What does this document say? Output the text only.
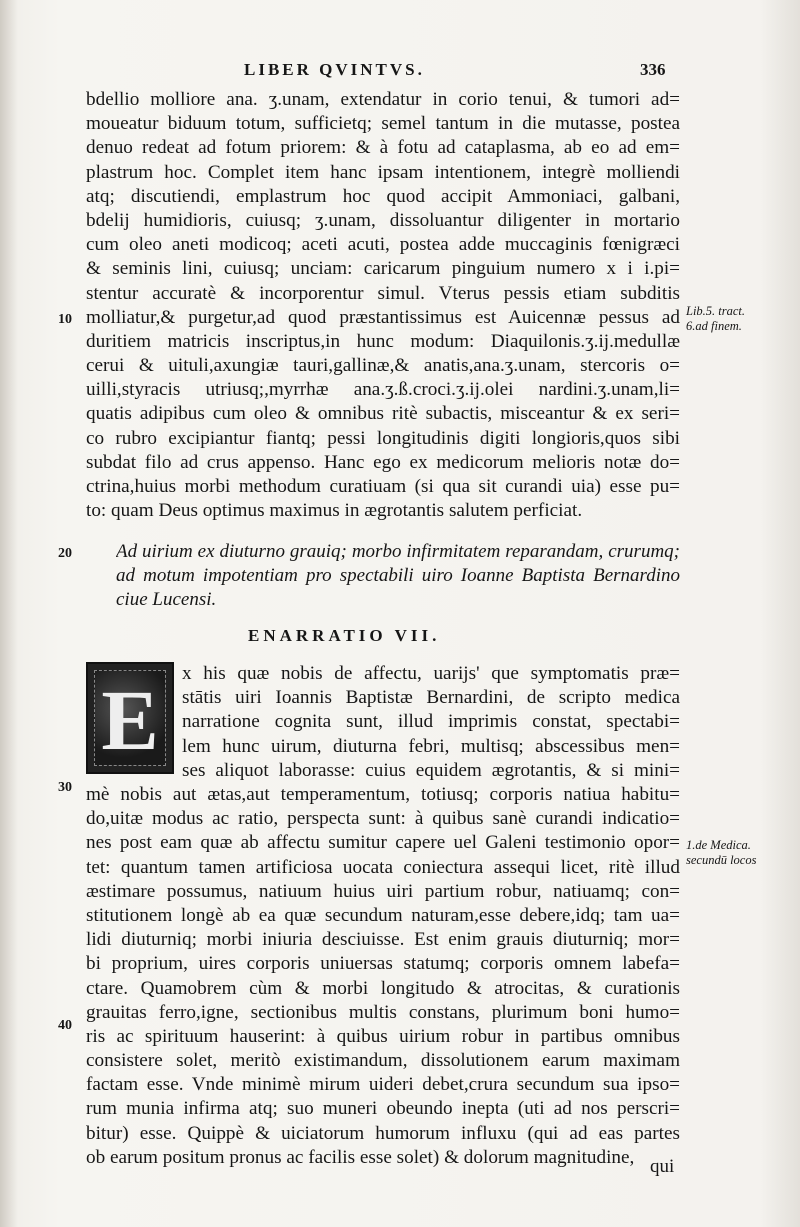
LIBER QVINTVS.	336
bdellio molliore ana. ʒ.unam, extendatur in corio tenui, & tumori ad=
moueatur biduum totum, sufficietq; semel tantum in die mutasse, postea
denuo redeat ad fotum priorem: & à fotu ad cataplasma, ab eo ad em=
plastrum hoc. Complet item hanc ipsam intentionem, integrè molliendi
atq; discutiendi, emplastrum hoc quod accipit Ammoniaci, galbani,
bdelij humidioris, cuiusq; ʒ.unam, dissoluantur diligenter in mortario
cum oleo aneti modicoq; aceti acuti, postea adde muccaginis fœnigræci
& seminis lini, cuiusq; unciam: caricarum pinguium numero x i i.pi=
stentur accuratè & incorporentur simul. Vterus pessis etiam subditis
molliatur,& purgetur,ad quod præstantissimus est Auicennæ pessus ad
duritiem matricis inscriptus,in hunc modum: Diaquilonis.ʒ.ij.medullæ
cerui & uituli,axungiæ tauri,gallinæ,& anatis,ana.ʒ.unam, stercoris o=
uilli,styracis utriusq;,myrrhæ ana.ʒ.ß.croci.ʒ.ij.olei nardini.ʒ.unam,li=
quatis adipibus cum oleo & omnibus ritè subactis, misceantur & ex seri=
co rubro excipiantur fiantq; pessi longitudinis digiti longioris,quos sibi
subdat filo ad crus appenso. Hanc ego ex medicorum melioris notæ do=
ctrina,huius morbi methodum curatiuam (si qua sit curandi uia) esse pu=
to: quam Deus optimus maximus in ægrotantis salutem perficiat.
10
20
30
40
Lib.5. tract.
6.ad finem.
Ad uirium ex diuturno grauiq; morbo infirmitatem reparandam, crurumq;
ad motum impotentiam pro spectabili uiro Ioanne Baptista Bernardino
ciue Lucensi.
ENARRATIO VII.
E	x his quæ nobis de affectu, uarijs' que symptomatis præ=
stātis uiri Ioannis Baptistæ Bernardini, de scripto medica
narratione cognita sunt, illud imprimis constat, spectabi=
lem hunc uirum, diuturna febri, multisq; abscessibus men=
ses aliquot laborasse: cuius equidem ægrotantis, & si mini=
mè nobis aut ætas,aut temperamentum, totiusq; corporis natiua habitu=
do,uitæ modus ac ratio, perspecta sunt: à quibus sanè curandi indicatio=
nes post eam quæ ab affectu sumitur capere uel Galeni testimonio opor=
tet: quantum tamen artificiosa uocata coniectura assequi licet, ritè illud
æstimare possumus, natiuum huius uiri partium robur, natiuamq; con=
stitutionem longè ab ea quæ secundum naturam,esse debere,idq; tam ua=
lidi diuturniq; morbi iniuria desciuisse. Est enim grauis diuturniq; mor=
bi proprium, uires corporis uniuersas statumq; corporis omnem labefa=
ctare. Quamobrem cùm & morbi longitudo & atrocitas, & curationis
grauitas ferro,igne, sectionibus multis constans, plurimum boni humo=
ris ac spirituum hauserint: à quibus uirium robur in partibus omnibus
consistere solet, meritò existimandum, dissolutionem earum maximam
factam esse. Vnde minimè mirum uideri debet,crura secundum sua ipso=
rum munia infirma atq; suo muneri obeundo inepta (uti ad nos perscri=
bitur) esse. Quippè & uiciatorum humorum influxu (qui ad eas partes
ob earum positum pronus ac facilis esse solet) & dolorum magnitudine,
1.de Medica.
secundū locos
qui
